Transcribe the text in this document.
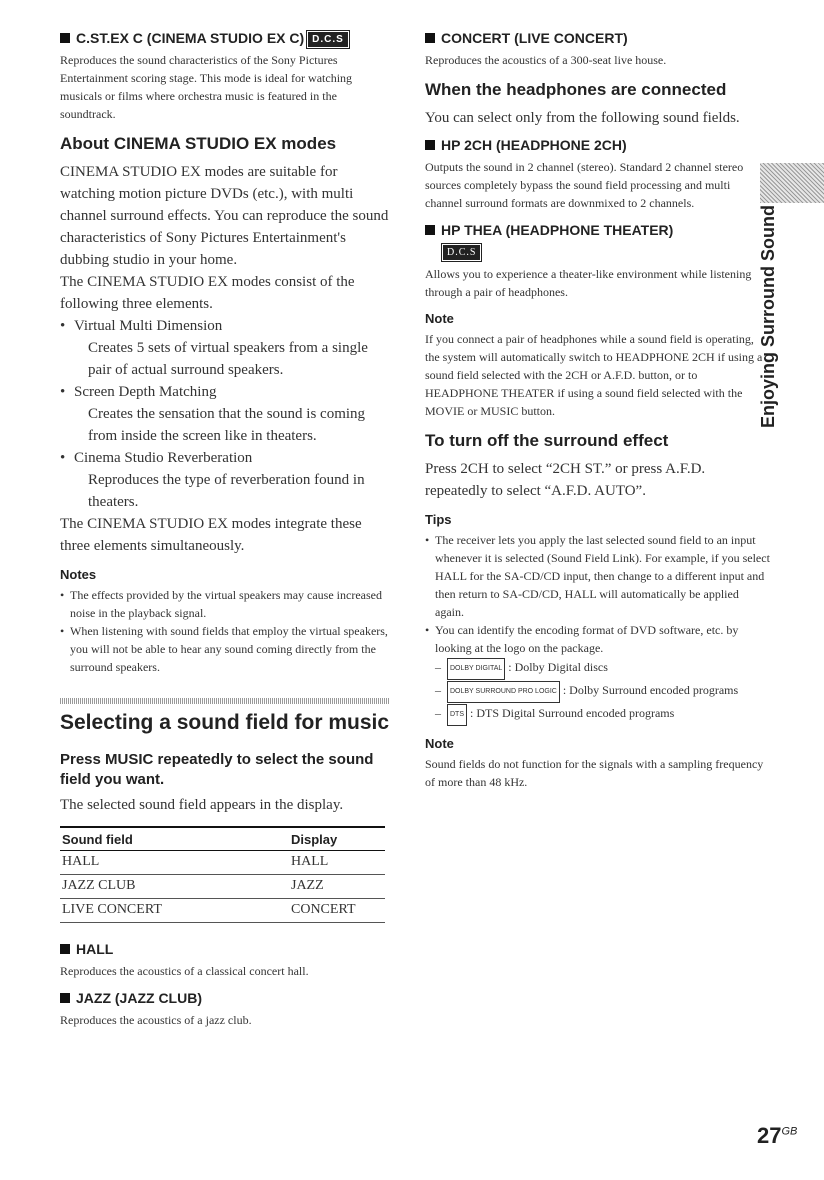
C.ST.EX C (CINEMA STUDIO EX C) D.C.S

Reproduces the sound characteristics of the Sony Pictures Entertainment scoring stage. This mode is ideal for watching musicals or films where orchestra music is featured in the soundtrack.

About CINEMA STUDIO EX modes

CINEMA STUDIO EX modes are suitable for watching motion picture DVDs (etc.), with multi channel surround effects. You can reproduce the sound characteristics of Sony Pictures Entertainment's dubbing studio in your home.

The CINEMA STUDIO EX modes consist of the following three elements.

• Virtual Multi Dimension
Creates 5 sets of virtual speakers from a single pair of actual surround speakers.
• Screen Depth Matching
Creates the sensation that the sound is coming from inside the screen like in theaters.
• Cinema Studio Reverberation
Reproduces the type of reverberation found in theaters.

The CINEMA STUDIO EX modes integrate these three elements simultaneously.

Notes
• The effects provided by the virtual speakers may cause increased noise in the playback signal.
• When listening with sound fields that employ the virtual speakers, you will not be able to hear any sound coming directly from the surround speakers.
Selecting a sound field for music
Press MUSIC repeatedly to select the sound field you want.

The selected sound field appears in the display.

Sound field	Display
HALL	HALL
JAZZ CLUB	JAZZ
LIVE CONCERT	CONCERT
HALL

Reproduces the acoustics of a classical concert hall.

JAZZ (JAZZ CLUB)

Reproduces the acoustics of a jazz club.

CONCERT (LIVE CONCERT)

Reproduces the acoustics of a 300-seat live house.

When the headphones are connected

You can select only from the following sound fields.

HP 2CH (HEADPHONE 2CH)

Outputs the sound in 2 channel (stereo). Standard 2 channel stereo sources completely bypass the sound field processing and multi channel surround formats are downmixed to 2 channels.

HP THEA (HEADPHONE THEATER)
D.C.S

Allows you to experience a theater-like environment while listening through a pair of headphones.

Note

If you connect a pair of headphones while a sound field is operating, the system will automatically switch to HEADPHONE 2CH if using a sound field selected with the 2CH or A.F.D. button, or to HEADPHONE THEATER if using a sound field selected with the MOVIE or MUSIC button.

To turn off the surround effect

Press 2CH to select “2CH ST.” or press A.F.D. repeatedly to select “A.F.D. AUTO”.

Tips
• The receiver lets you apply the last selected sound field to an input whenever it is selected (Sound Field Link). For example, if you select HALL for the SA-CD/CD input, then change to a different input and then return to SA-CD/CD, HALL will automatically be applied again.
• You can identify the encoding format of DVD software, etc. by looking at the logo on the package.
– DOLBY DIGITAL : Dolby Digital discs
– DOLBY SURROUND PRO LOGIC : Dolby Surround encoded programs
– DTS : DTS Digital Surround encoded programs
Note

Sound fields do not function for the signals with a sampling frequency of more than 48 kHz.

Enjoying Surround Sound
$27^{GB}$
